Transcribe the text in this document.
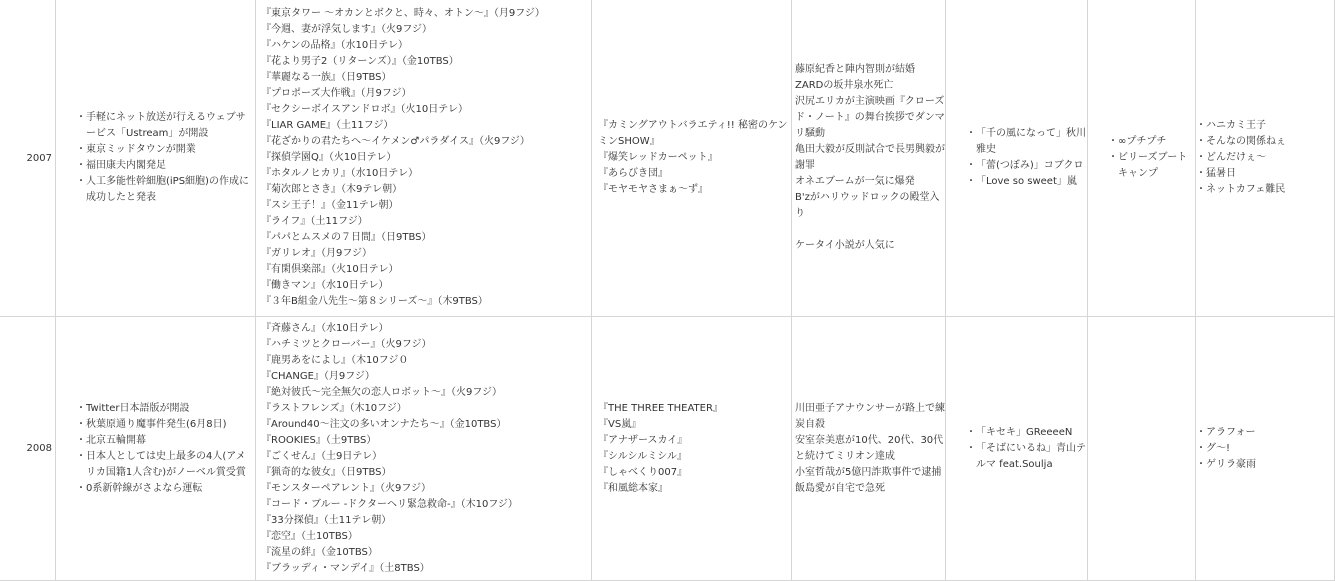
2007
・ 手軽にネット放送が行えるウェブサービス「Ustream」が開設
・ 東京ミッドタウンが開業
・ 福田康夫内閣発足
・ 人工多能性幹細胞(iPS細胞)の作成に成功したと発表
『東京タワー 〜オカンとボクと、時々、オトン〜』（月9フジ）
『今週、妻が浮気します』（火9フジ）
『ハケンの品格』（水10日テレ）
『花より男子2（リターンズ）』（金10TBS）
『華麗なる一族』（日9TBS）
『プロポーズ大作戦』（月9フジ）
『セクシーボイスアンドロボ』（火10日テレ）
『LIAR GAME』（土11フジ）
『花ざかりの君たちへ〜イケメン♂パラダイス』（火9フジ）
『探偵学園Q』（火10日テレ）
『ホタルノヒカリ』（水10日テレ）
『菊次郎とさき』（木9テレ朝）
『スシ王子！』（金11テレ朝）
『ライフ』（土11フジ）
『パパとムスメの７日間』（日9TBS）
『ガリレオ』（月9フジ）
『有閑倶楽部』（火10日テレ）
『働きマン』（水10日テレ）
『３年B組金八先生〜第８シリーズ〜』（木9TBS）
『カミングアウトバラエティ!! 秘密のケンミンSHOW』
『爆笑レッドカーペット』
『あらびき団』
『モヤモヤさまぁ〜ず』
藤原紀香と陣内智則が結婚
ZARDの坂井泉水死亡
沢尻エリカが主演映画『クローズド・ノート』の舞台挨拶でダンマリ騒動
亀田大毅が反則試合で長男興毅が謝罪
オネエブームが一気に爆発
B'zがハリウッドロックの殿堂入り

ケータイ小説が人気に
・ 「千の風になって」秋川雅史
・ 「蕾(つぼみ)」コブクロ
・ 「Love so sweet」嵐
・ ∞プチプチ
・ ビリーズブートキャンプ
・ ハニカミ王子
・ そんなの関係ねぇ
・ どんだけぇ〜
・ 猛暑日
・ ネットカフェ難民
2008
・ Twitter日本語版が開設
・ 秋葉原通り魔事件発生(6月8日)
・ 北京五輪開幕
・ 日本人としては史上最多の4人(アメリカ国籍1人含む)がノーベル賞受賞
・ 0系新幹線がさよなら運転
『斉藤さん』（水10日テレ）
『ハチミツとクローバー』（火9フジ）
『鹿男あをによし』（木10フジ０
『CHANGE』（月9フジ）
『絶対彼氏〜完全無欠の恋人ロボット〜』（火9フジ）
『ラストフレンズ』（木10フジ）
『Around40〜注文の多いオンナたち〜』（金10TBS）
『ROOKIES』（土9TBS）
『ごくせん』（土9日テレ）
『猟奇的な彼女』（日9TBS）
『モンスターペアレント』（火9フジ）
『コード・ブルー -ドクターヘリ緊急救命-』（木10フジ）
『33分探偵』（土11テレ朝）
『恋空』（土10TBS）
『流星の絆』（金10TBS）
『ブラッディ・マンデイ』（土8TBS）
『THE THREE THEATER』
『VS嵐』
『アナザースカイ』
『シルシルミシル』
『しゃべくり007』
『和風総本家』
川田亜子アナウンサーが路上で練炭自殺
安室奈美恵が10代、20代、30代と続けてミリオン達成
小室哲哉が5億円詐欺事件で逮捕
飯島愛が自宅で急死
・ 「キセキ」GReeeeN
・ 「そばにいるね」青山テルマ feat.Soulja
・ アラフォー
・ グ〜!
・ ゲリラ豪雨
